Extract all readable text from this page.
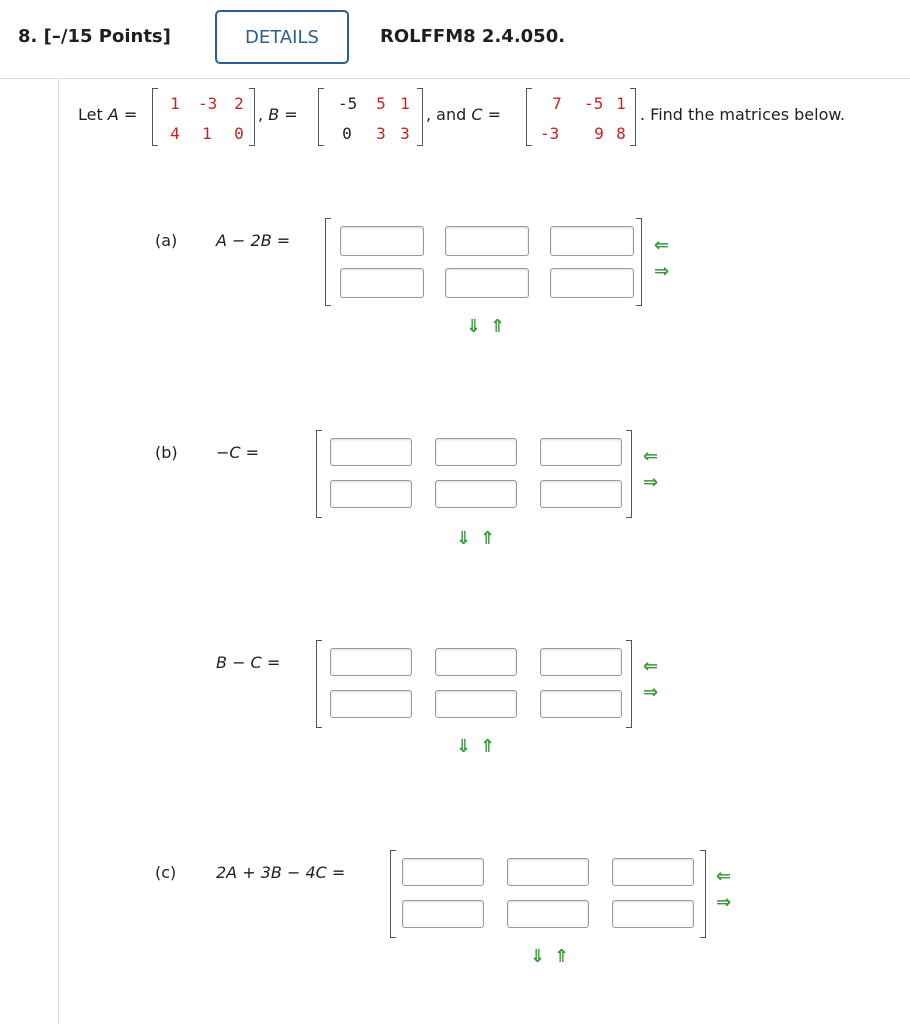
8. [–/15 Points]	DETAILS	ROLFFM8 2.4.050.
Let A =
1 -3 2
4 1 0
, B =
-5 5 1
0 3 3
, and C =
7 -5 1
-3 9 8
. Find the matrices below.
(a) A − 2B =	⇐
⇒
⇓ ⇑
(b) −C =	⇐
⇒
⇓ ⇑
B − C =	⇐
⇒
⇓ ⇑
(c) 2A + 3B − 4C =	⇐
⇒
⇓ ⇑
